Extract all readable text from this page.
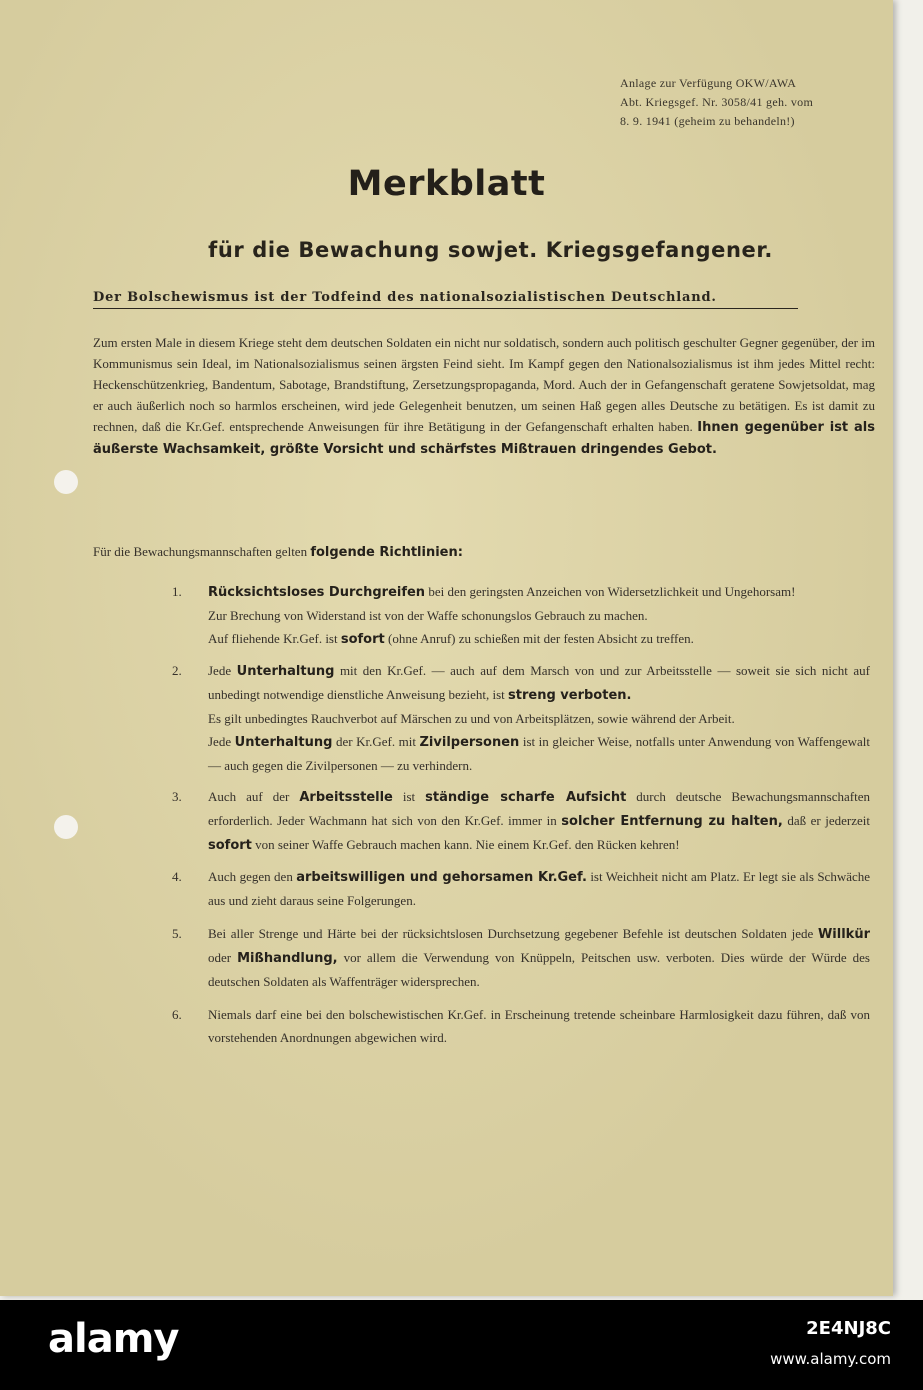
Anlage zur Verfügung OKW/AWA
Abt. Kriegsgef. Nr. 3058/41 geh. vom
8. 9. 1941 (geheim zu behandeln!)
Merkblatt
für die Bewachung sowjet. Kriegsgefangener.
Der Bolschewismus ist der Todfeind des nationalsozialistischen Deutschland.
Zum ersten Male in diesem Kriege steht dem deutschen Soldaten ein nicht nur soldatisch, sondern auch politisch geschulter Gegner gegenüber, der im Kommunismus sein Ideal, im Nationalsozialismus seinen ärgsten Feind sieht. Im Kampf gegen den Nationalsozialismus ist ihm jedes Mittel recht: Heckenschützenkrieg, Bandentum, Sabotage, Brandstiftung, Zersetzungspropaganda, Mord. Auch der in Gefangenschaft geratene Sowjetsoldat, mag er auch äußerlich noch so harmlos erscheinen, wird jede Gelegenheit benutzen, um seinen Haß gegen alles Deutsche zu betätigen. Es ist damit zu rechnen, daß die Kr.Gef. entsprechende Anweisungen für ihre Betätigung in der Gefangenschaft erhalten haben. Ihnen gegenüber ist als äußerste Wachsamkeit, größte Vorsicht und schärfstes Mißtrauen dringendes Gebot.
Für die Bewachungsmannschaften gelten folgende Richtlinien:
1. Rücksichtsloses Durchgreifen bei den geringsten Anzeichen von Widersetzlichkeit und Ungehorsam!

Zur Brechung von Widerstand ist von der Waffe schonungslos Gebrauch zu machen.

Auf fliehende Kr.Gef. ist sofort (ohne Anruf) zu schießen mit der festen Absicht zu treffen.

2. Jede Unterhaltung mit den Kr.Gef. — auch auf dem Marsch von und zur Arbeitsstelle — soweit sie sich nicht auf unbedingt notwendige dienstliche Anweisung bezieht, ist streng verboten.

Es gilt unbedingtes Rauchverbot auf Märschen zu und von Arbeitsplätzen, sowie während der Arbeit.

Jede Unterhaltung der Kr.Gef. mit Zivilpersonen ist in gleicher Weise, notfalls unter Anwendung von Waffengewalt — auch gegen die Zivilpersonen — zu verhindern.

3. Auch auf der Arbeitsstelle ist ständige scharfe Aufsicht durch deutsche Bewachungsmannschaften erforderlich. Jeder Wachmann hat sich von den Kr.Gef. immer in solcher Entfernung zu halten, daß er jederzeit sofort von seiner Waffe Gebrauch machen kann. Nie einem Kr.Gef. den Rücken kehren!

4. Auch gegen den arbeitswilligen und gehorsamen Kr.Gef. ist Weichheit nicht am Platz. Er legt sie als Schwäche aus und zieht daraus seine Folgerungen.

5. Bei aller Strenge und Härte bei der rücksichtslosen Durchsetzung gegebener Befehle ist deutschen Soldaten jede Willkür oder Mißhandlung, vor allem die Verwendung von Knüppeln, Peitschen usw. verboten. Dies würde der Würde des deutschen Soldaten als Waffenträger widersprechen.

6. Niemals darf eine bei den bolschewistischen Kr.Gef. in Erscheinung tretende scheinbare Harmlosigkeit dazu führen, daß von vorstehenden Anordnungen abgewichen wird.

alamy	2E4NJ8C
www.alamy.com
